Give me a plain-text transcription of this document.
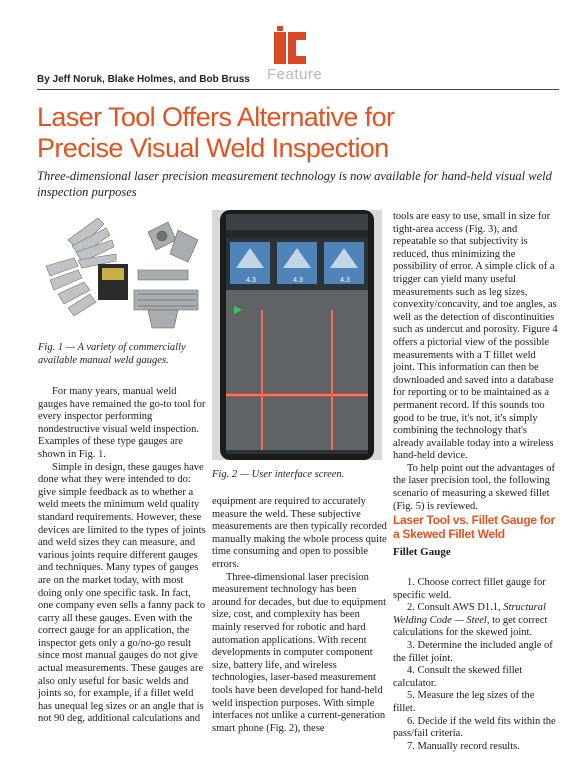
Feature
By Jeff Noruk, Blake Holmes, and Bob Bruss
Laser Tool Offers Alternative for
Precise Visual Weld Inspection

Three-dimensional laser precision measurement technology is now available for hand-held visual weld inspection purposes

Fig. 1 — A variety of commercially available manual weld gauges.

4.3	4.3	4.3

Fig. 2 — User interface screen.

For many years, manual weld gauges have remained the go-to tool for every inspector performing nondestructive visual weld inspection. Examples of these type gauges are shown in Fig. 1.

Simple in design, these gauges have done what they were intended to do: give simple feedback as to whether a weld meets the minimum weld quality standard requirements. However, these devices are limited to the types of joints and weld sizes they can measure, and various joints require different gauges and techniques. Many types of gauges are on the market today, with most doing only one specific task. In fact, one company even sells a fanny pack to carry all these gauges. Even with the correct gauge for an application, the inspector gets only a go/no-go result since most manual gauges do not give actual measurements. These gauges are also only useful for basic welds and joints so, for example, if a fillet weld has unequal leg sizes or an angle that is not 90 deg, additional calculations and

equipment are required to accurately measure the weld. These subjective measurements are then typically recorded manually making the whole process quite time consuming and open to possible errors.

Three-dimensional laser precision measurement technology has been around for decades, but due to equipment size, cost, and complexity has been mainly reserved for robotic and hard automation applications. With recent developments in computer component size, battery life, and wireless technologies, laser-based measurement tools have been developed for hand-held weld inspection purposes. With simple interfaces not unlike a current-generation smart phone (Fig. 2), these

tools are easy to use, small in size for tight-area access (Fig. 3), and repeatable so that subjectivity is reduced, thus minimizing the possibility of error. A simple click of a trigger can yield many useful measurements such as leg sizes, convexity/concavity, and toe angles, as well as the detection of discontinuities such as undercut and porosity. Figure 4 offers a pictorial view of the possible measurements with a T fillet weld joint. This information can then be downloaded and saved into a database for reporting or to be maintained as a permanent record. If this sounds too good to be true, it's not, it's simply combining the technology that's already available today into a wireless hand-held device.

To help point out the advantages of the laser precision tool, the following scenario of measuring a skewed fillet (Fig. 5) is reviewed.

Laser Tool vs. Fillet Gauge for a Skewed Fillet Weld
Fillet Gauge

1. Choose correct fillet gauge for specific weld.

2. Consult AWS D1.1, Structural Welding Code — Steel, to get correct calculations for the skewed joint.

3. Determine the included angle of the fillet joint.

4. Consult the skewed fillet calculator.

5. Measure the leg sizes of the fillet.

6. Decide if the weld fits within the pass/fail criteria.

7. Manually record results.
